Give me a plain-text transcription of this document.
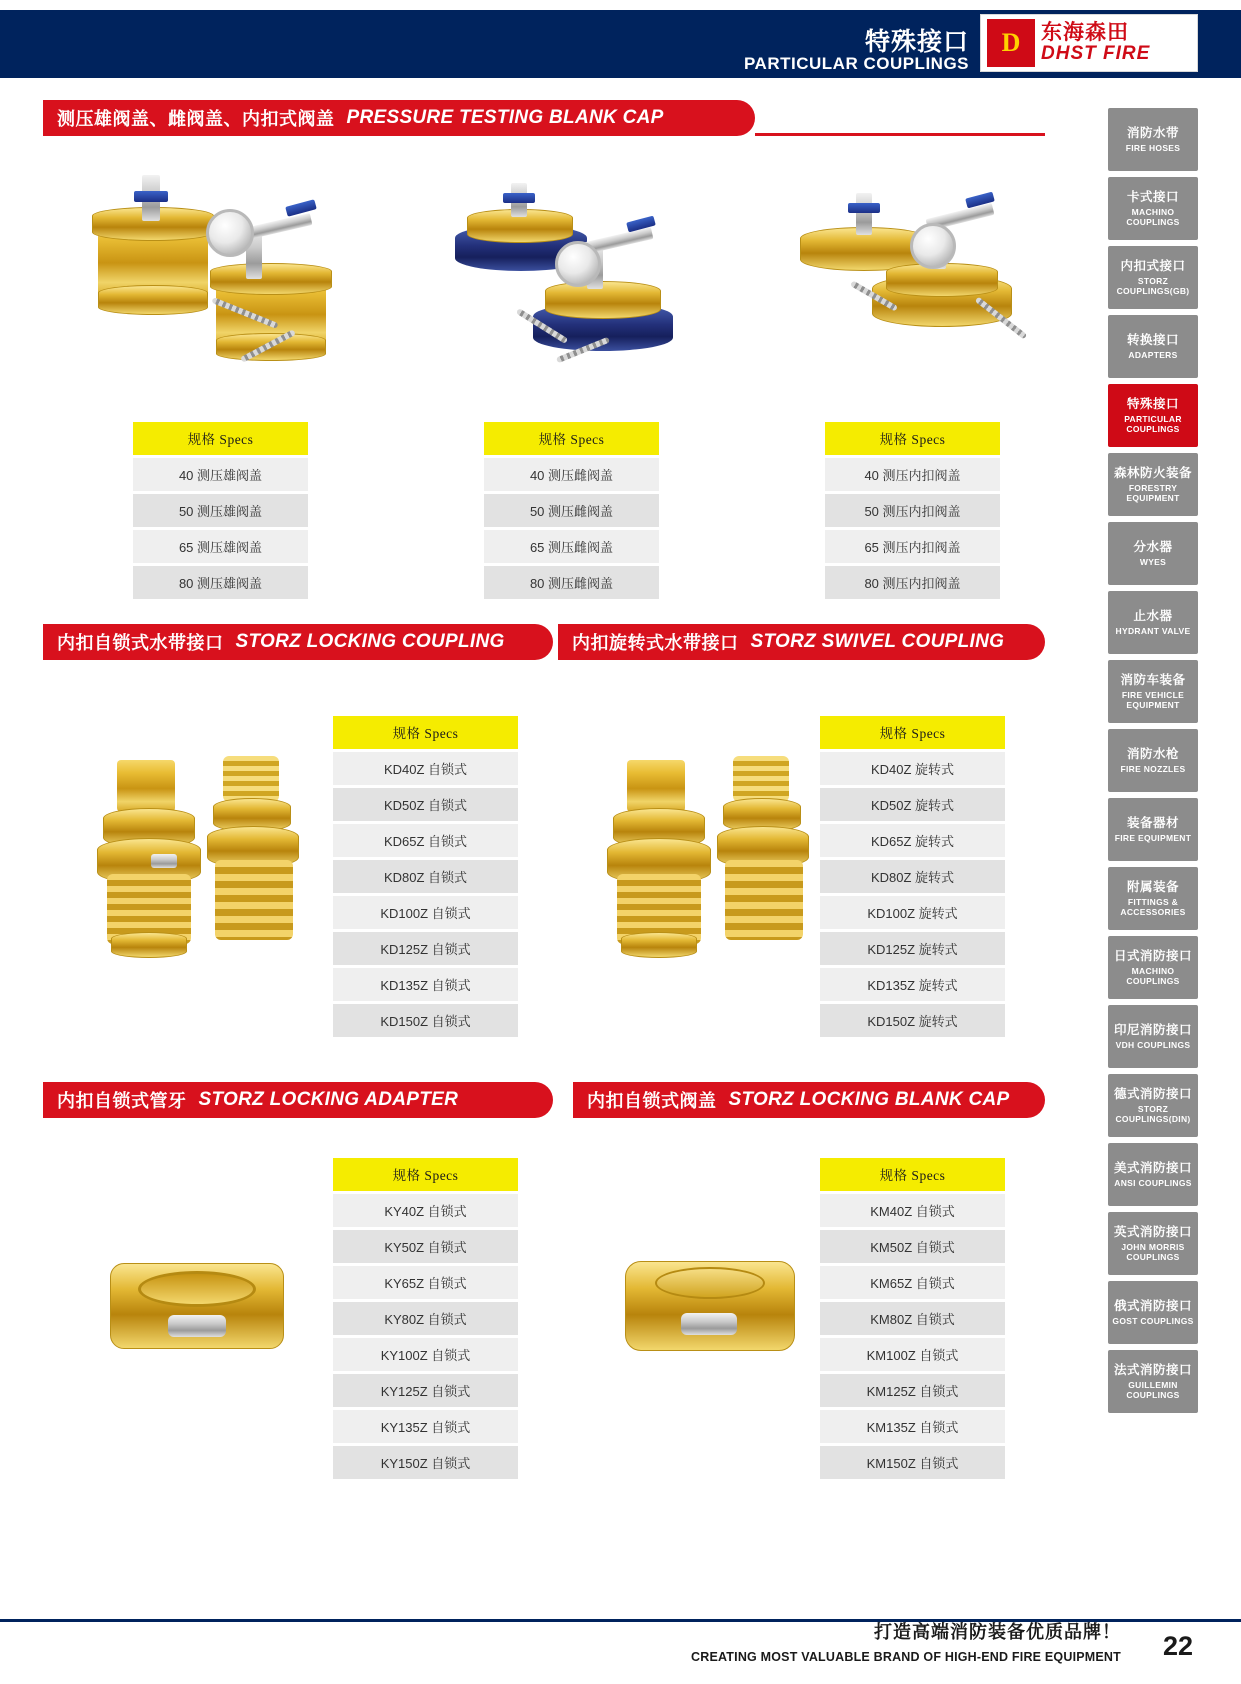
特殊接口
PARTICULAR COUPLINGS
D 东海森田
DHST FIRE
消防水带
FIRE HOSES
卡式接口
MACHINO COUPLINGS
内扣式接口
STORZ COUPLINGS(GB)
转换接口
ADAPTERS
特殊接口
PARTICULAR COUPLINGS
森林防火装备
FORESTRY EQUIPMENT
分水器
WYES
止水器
HYDRANT VALVE
消防车装备
FIRE VEHICLE EQUIPMENT
消防水枪
FIRE NOZZLES
装备器材
FIRE EQUIPMENT
附属装备
FITTINGS & ACCESSORIES
日式消防接口
MACHINO COUPLINGS
印尼消防接口
VDH COUPLINGS
德式消防接口
STORZ COUPLINGS(DIN)
美式消防接口
ANSI COUPLINGS
英式消防接口
JOHN MORRIS COUPLINGS
俄式消防接口
GOST COUPLINGS
法式消防接口
GUILLEMIN COUPLINGS
测压雄阀盖、雌阀盖、内扣式阀盖 PRESSURE TESTING BLANK CAP
规格 Specs
40 测压雄阀盖
50 测压雄阀盖
65 测压雄阀盖
80 测压雄阀盖
规格 Specs
40 测压雌阀盖
50 测压雌阀盖
65 测压雌阀盖
80 测压雌阀盖
规格 Specs
40 测压内扣阀盖
50 测压内扣阀盖
65 测压内扣阀盖
80 测压内扣阀盖
内扣自锁式水带接口 STORZ LOCKING COUPLING	内扣旋转式水带接口 STORZ SWIVEL COUPLING
规格 Specs
KD40Z 自锁式
KD50Z 自锁式
KD65Z 自锁式
KD80Z 自锁式
KD100Z 自锁式
KD125Z 自锁式
KD135Z 自锁式
KD150Z 自锁式
规格 Specs
KD40Z 旋转式
KD50Z 旋转式
KD65Z 旋转式
KD80Z 旋转式
KD100Z 旋转式
KD125Z 旋转式
KD135Z 旋转式
KD150Z 旋转式
内扣自锁式管牙 STORZ LOCKING ADAPTER	内扣自锁式阀盖 STORZ LOCKING BLANK CAP
规格 Specs
KY40Z 自锁式
KY50Z 自锁式
KY65Z 自锁式
KY80Z 自锁式
KY100Z 自锁式
KY125Z 自锁式
KY135Z 自锁式
KY150Z 自锁式
规格 Specs
KM40Z 自锁式
KM50Z 自锁式
KM65Z 自锁式
KM80Z 自锁式
KM100Z 自锁式
KM125Z 自锁式
KM135Z 自锁式
KM150Z 自锁式
打造高端消防装备优质品牌！
CREATING MOST VALUABLE BRAND OF HIGH-END FIRE EQUIPMENT 22
